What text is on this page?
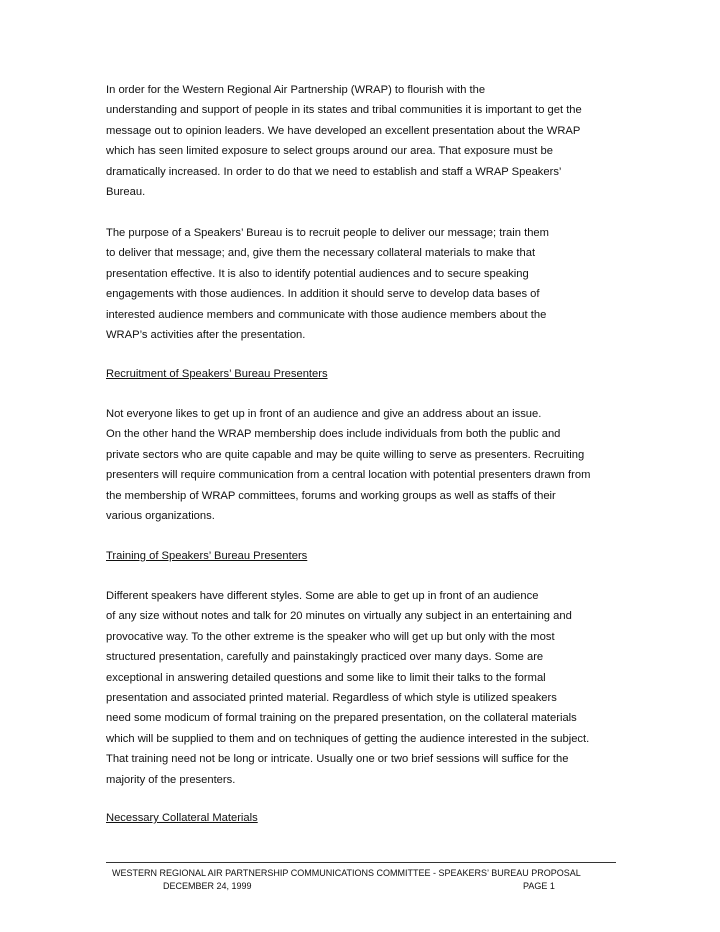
In order for the Western Regional Air Partnership (WRAP) to flourish with the
understanding and support of people in its states and tribal communities it is important to get the
message out to opinion leaders. We have developed an excellent presentation about the WRAP
which has seen limited exposure to select groups around our area. That exposure must be
dramatically increased. In order to do that we need to establish and staff a WRAP Speakers’
Bureau.

The purpose of a Speakers’ Bureau is to recruit people to deliver our message; train them
to deliver that message; and, give them the necessary collateral materials to make that
presentation effective. It is also to identify potential audiences and to secure speaking
engagements with those audiences. In addition it should serve to develop data bases of
interested audience members and communicate with those audience members about the
WRAP’s activities after the presentation.

Recruitment of Speakers’ Bureau Presenters

Not everyone likes to get up in front of an audience and give an address about an issue.
On the other hand the WRAP membership does include individuals from both the public and
private sectors who are quite capable and may be quite willing to serve as presenters. Recruiting
presenters will require communication from a central location with potential presenters drawn from
the membership of WRAP committees, forums and working groups as well as staffs of their
various organizations.

Training of Speakers’ Bureau Presenters

Different speakers have different styles. Some are able to get up in front of an audience
of any size without notes and talk for 20 minutes on virtually any subject in an entertaining and
provocative way. To the other extreme is the speaker who will get up but only with the most
structured presentation, carefully and painstakingly practiced over many days. Some are
exceptional in answering detailed questions and some like to limit their talks to the formal
presentation and associated printed material. Regardless of which style is utilized speakers
need some modicum of formal training on the prepared presentation, on the collateral materials
which will be supplied to them and on techniques of getting the audience interested in the subject.
That training need not be long or intricate. Usually one or two brief sessions will suffice for the
majority of the presenters.

Necessary Collateral Materials

WESTERN REGIONAL AIR PARTNERSHIP COMMUNICATIONS COMMITTEE - SPEAKERS’ BUREAU PROPOSAL
DECEMBER 24, 1999	PAGE 1
